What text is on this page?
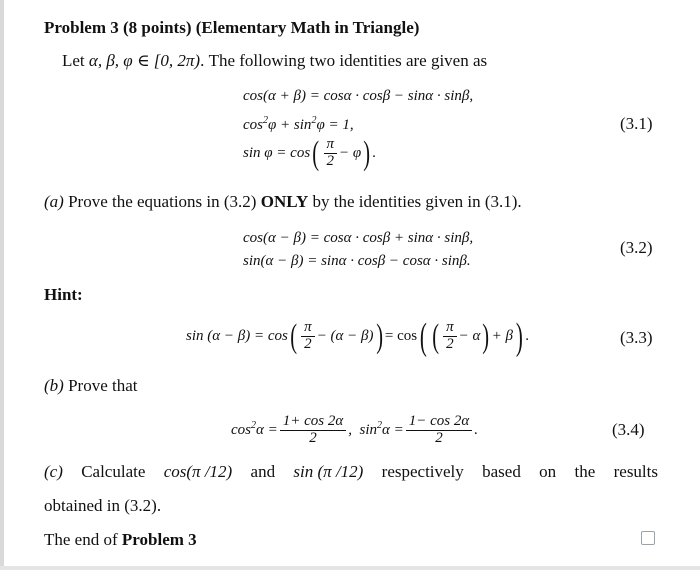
Problem 3 (8 points) (Elementary Math in Triangle)
Let α, β, φ ∈ [0, 2π). The following two identities are given as
cos(α + β) = cosα · cosβ − sinα · sinβ,
$\cos^2\varphi + \sin^2\varphi = 1$,
$\sin \varphi = \cos( \frac{\pi}{2} - \varphi)$ .
(3.1)
(a) Prove the equations in (3.2) ONLY by the identities given in (3.1).
cos(α − β) = cosα · cosβ + sinα · sinβ,
sin(α − β) = sinα · cosβ − cosα · sinβ.
(3.2)
Hint:
$\sin (\alpha - \beta) = \cos( \frac{\pi}{2} - (\alpha - \beta)) = \cos$( ( $\frac{\pi}{2} - \alpha) + \beta$) .	(3.3)
(b) Prove that
$\cos^2\alpha = \frac{1+ \cos 2\alpha}{2}$ , $\sin^2\alpha = \frac{1- \cos 2\alpha}{2}$ .	(3.4)
(c) Calculate cos(π /12) and sin (π /12) respectively based on the results
obtained in (3.2).
The end of Problem 3
